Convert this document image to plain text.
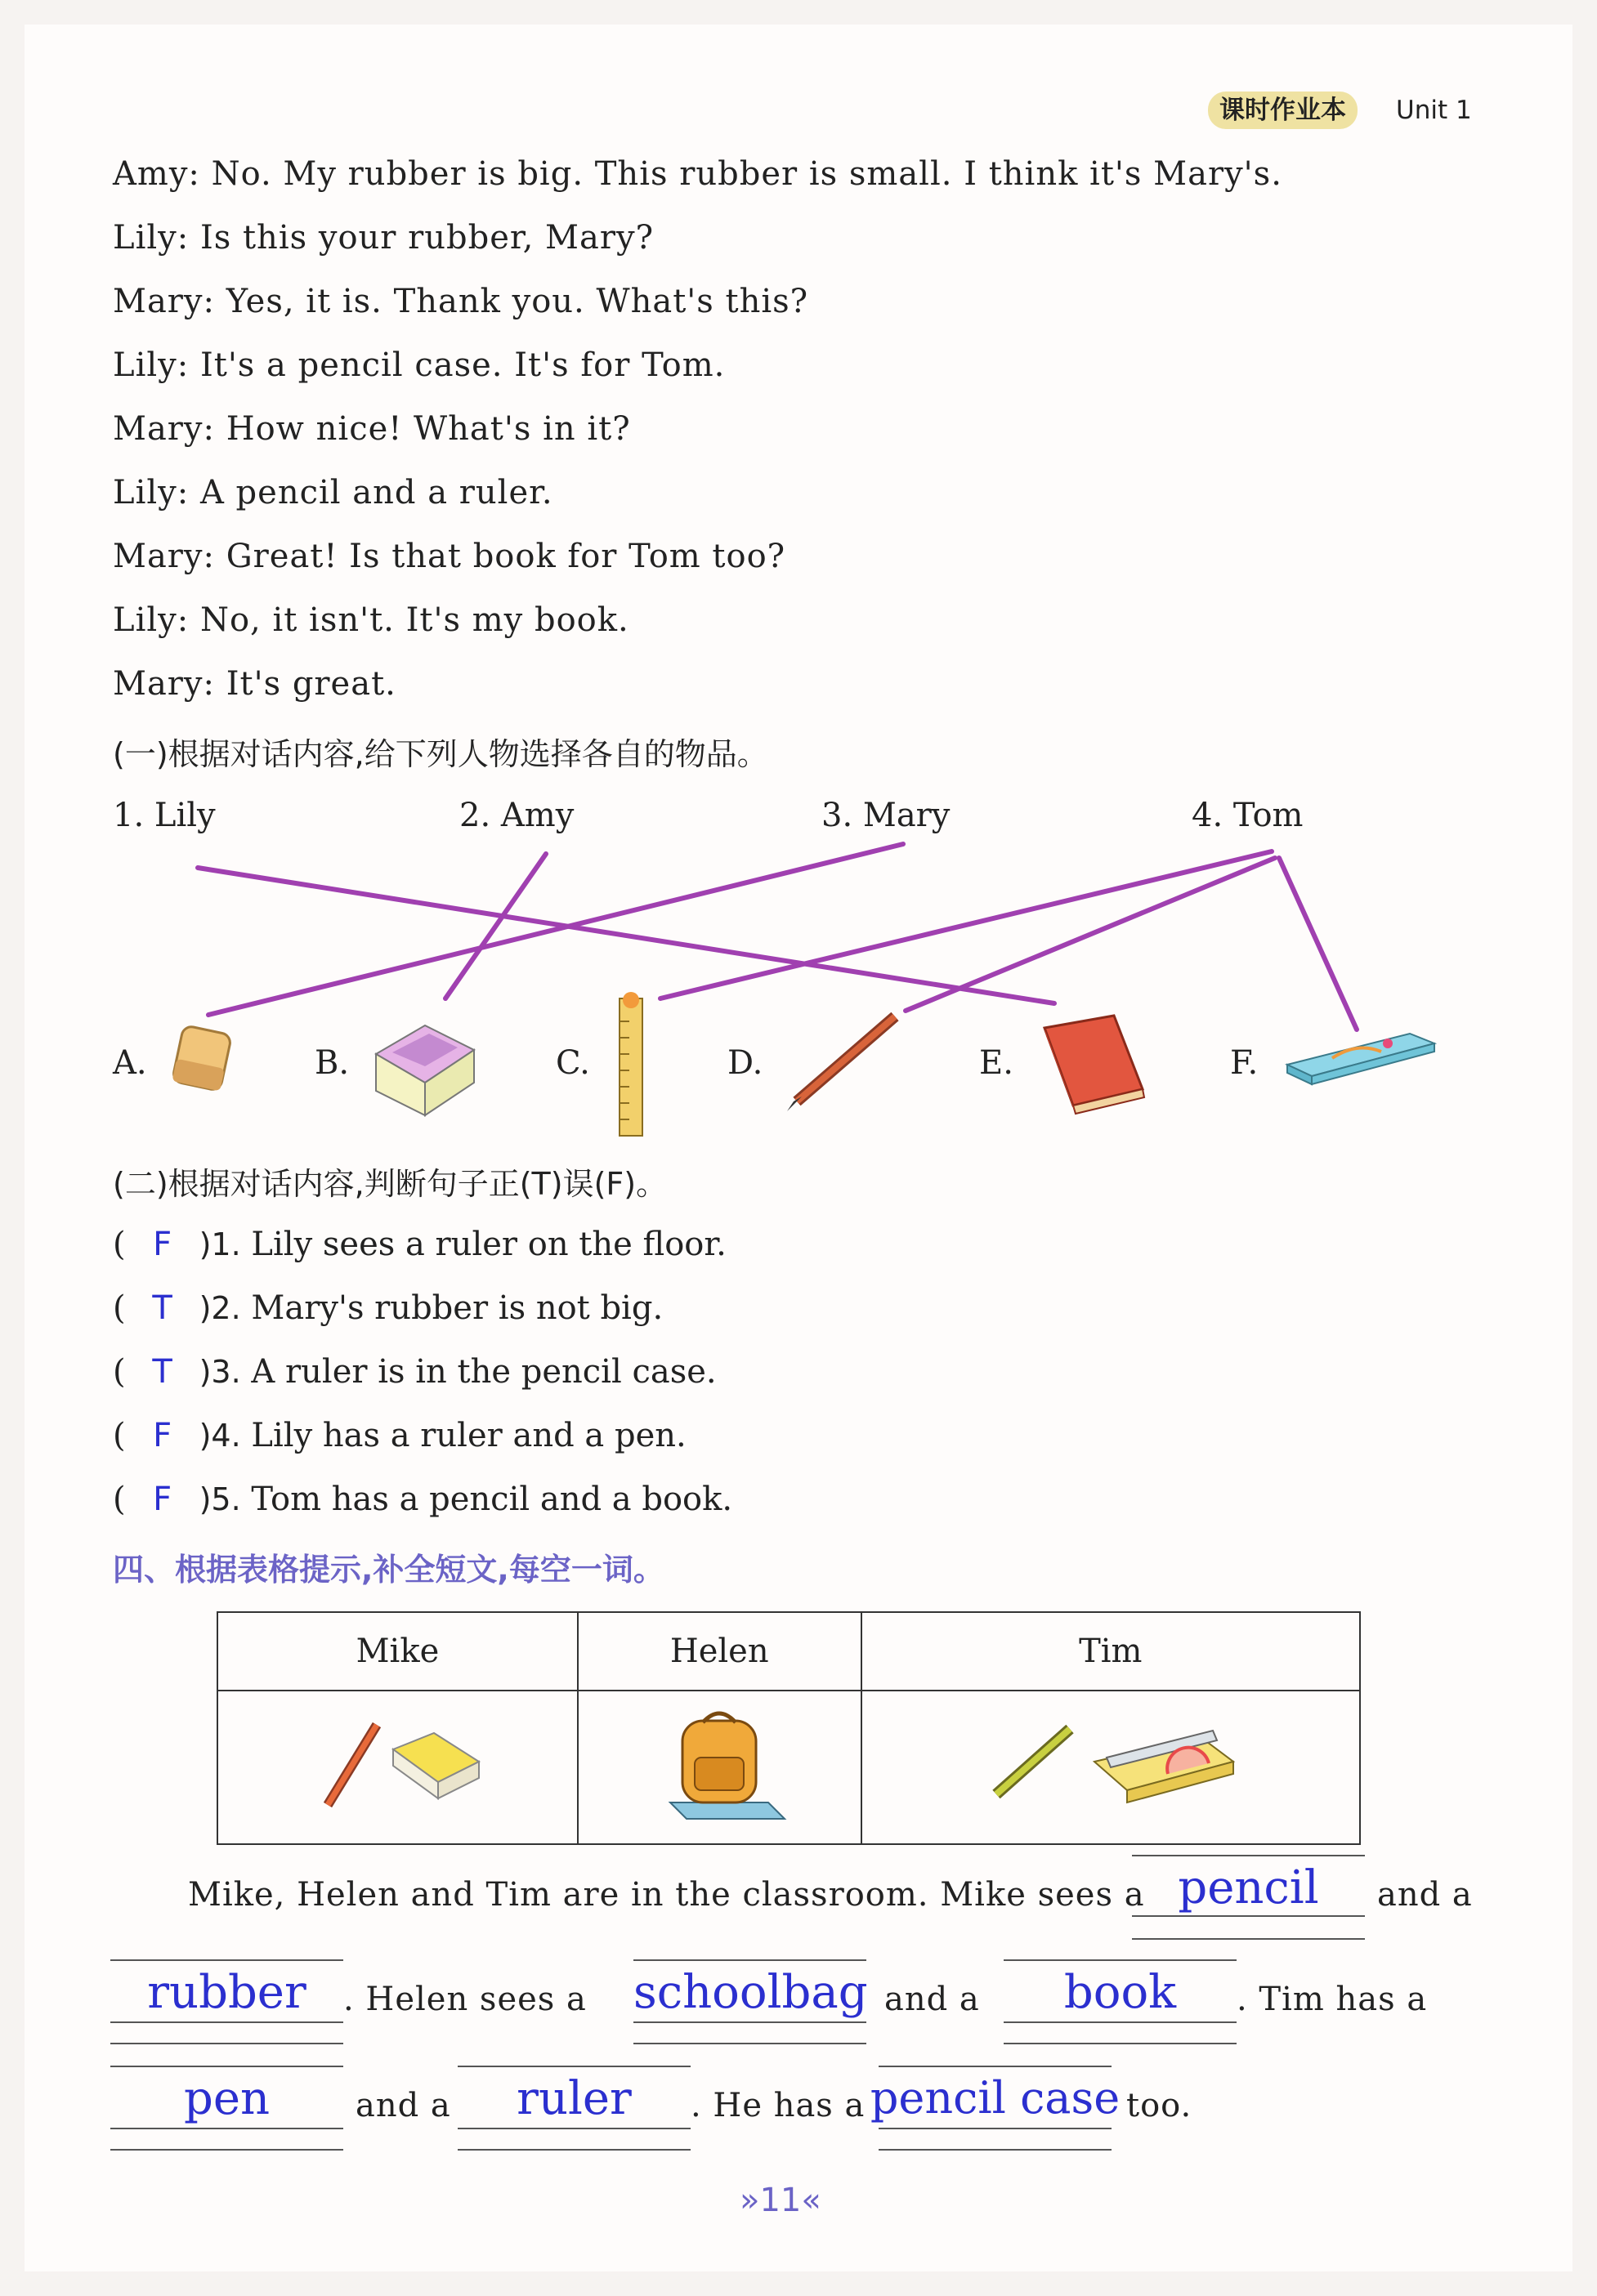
课时作业本	Unit 1
Amy: No. My rubber is big. This rubber is small. I think it's Mary's.
Lily: Is this your rubber, Mary?
Mary: Yes, it is. Thank you. What's this?
Lily: It's a pencil case. It's for Tom.
Mary: How nice! What's in it?
Lily: A pencil and a ruler.
Mary: Great! Is that book for Tom too?
Lily: No, it isn't. It's my book.
Mary: It's great.
(一)根据对话内容,给下列人物选择各自的物品。
1. Lily	2. Amy	3. Mary	4. Tom
A.	B.	C.	D.	E.	F.
(二)根据对话内容,判断句子正(T)误(F)。
( F )1. Lily sees a ruler on the floor.
( T )2. Mary's rubber is not big.
( T )3. A ruler is in the pencil case.
( F )4. Lily has a ruler and a pen.
( F )5. Tom has a pencil and a book.
四、根据表格提示,补全短文,每空一词。
Mike	Helen	Tim

Mike, Helen and Tim are in the classroom. Mike sees a pencil	and a
rubber	. Helen sees a schoolbag and a	book	. Tim has a
pen	and a	ruler	. He has a pencil case too.
»11«
